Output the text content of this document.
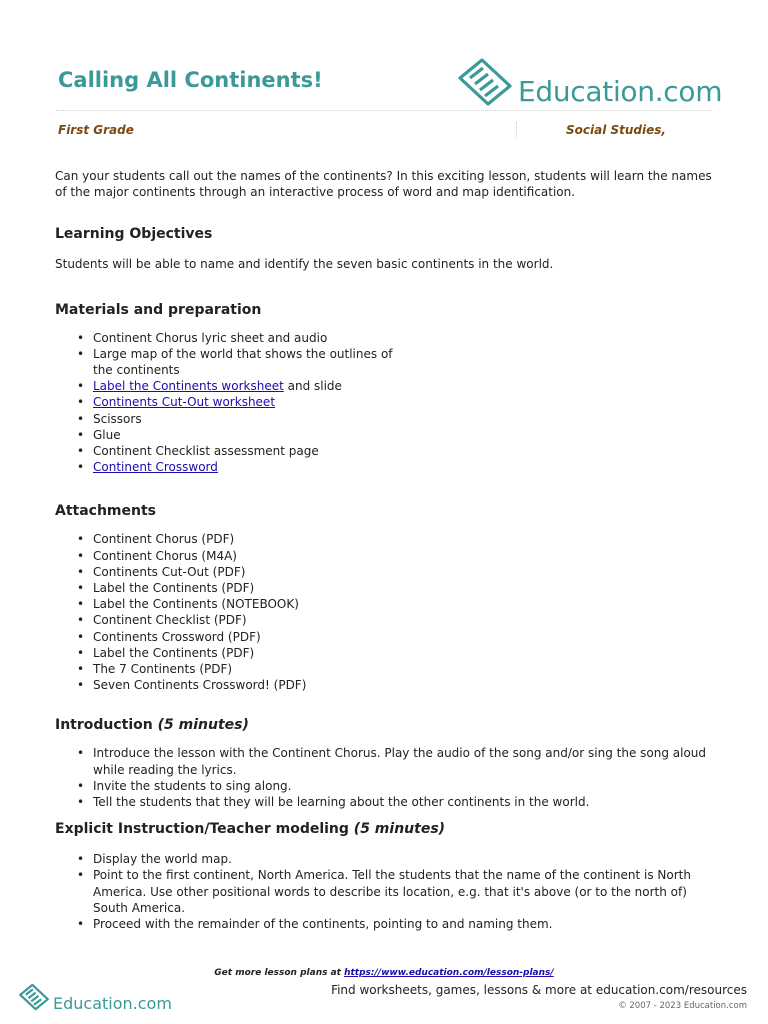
Calling All Continents!	Education.com
First Grade	Social Studies,

Can your students call out the names of the continents? In this exciting lesson, students will learn the names of the major continents through an interactive process of word and map identification.

Learning Objectives

Students will be able to name and identify the seven basic continents in the world.

Materials and preparation
• Continent Chorus lyric sheet and audio
• Large map of the world that shows the outlines of the continents
• Label the Continents worksheet and slide
• Continents Cut-Out worksheet
• Scissors
• Glue
• Continent Checklist assessment page
• Continent Crossword
Attachments
• Continent Chorus (PDF)
• Continent Chorus (M4A)
• Continents Cut-Out (PDF)
• Label the Continents (PDF)
• Label the Continents (NOTEBOOK)
• Continent Checklist (PDF)
• Continents Crossword (PDF)
• Label the Continents (PDF)
• The 7 Continents (PDF)
• Seven Continents Crossword! (PDF)
Introduction (5 minutes)
• Introduce the lesson with the Continent Chorus. Play the audio of the song and/or sing the song aloud while reading the lyrics.
• Invite the students to sing along.
• Tell the students that they will be learning about the other continents in the world.
Explicit Instruction/Teacher modeling (5 minutes)
• Display the world map.
• Point to the first continent, North America. Tell the students that the name of the continent is North America. Use other positional words to describe its location, e.g. that it's above (or to the north of) South America.
• Proceed with the remainder of the continents, pointing to and naming them.
Get more lesson plans at https://www.education.com/lesson-plans/
Education.com
Find worksheets, games, lessons & more at education.com/resources
© 2007 - 2023 Education.com
